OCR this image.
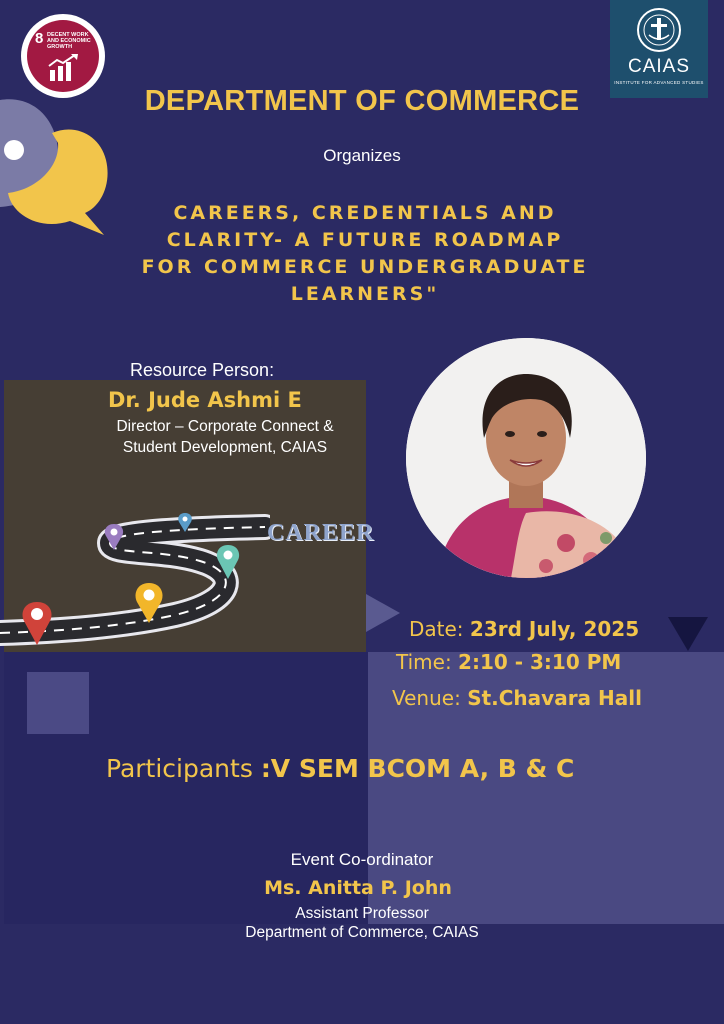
8 DECENT WORK AND ECONOMIC GROWTH
CAIAS
INSTITUTE FOR ADVANCED STUDIES
DEPARTMENT OF COMMERCE
Organizes
CAREERS, CREDENTIALS AND
CLARITY- A FUTURE ROADMAP
FOR COMMERCE UNDERGRADUATE
LEARNERS"
CAREER
Resource Person:
Dr. Jude Ashmi E
Director – Corporate Connect &
Student Development, CAIAS
Date: 23rd July, 2025
Time: 2:10 - 3:10 PM
Venue: St.Chavara Hall
Participants :V SEM BCOM A, B & C
Event Co-ordinator
Ms. Anitta P. John
Assistant Professor
Department of Commerce, CAIAS
